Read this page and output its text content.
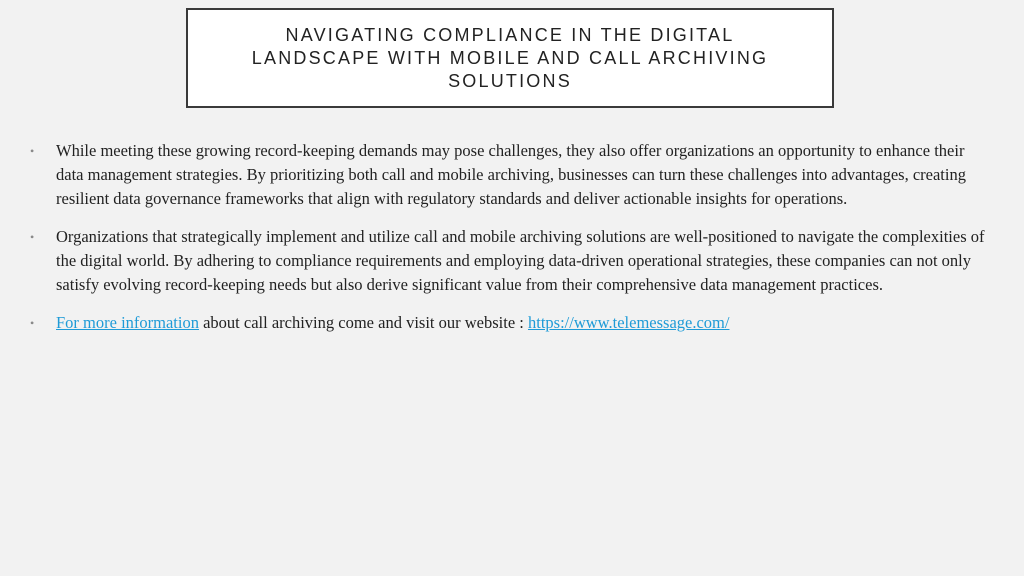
NAVIGATING COMPLIANCE IN THE DIGITAL
LANDSCAPE WITH MOBILE AND CALL ARCHIVING
SOLUTIONS
• While meeting these growing record-keeping demands may pose challenges, they also offer organizations an opportunity to enhance their data management strategies. By prioritizing both call and mobile archiving, businesses can turn these challenges into advantages, creating resilient data governance frameworks that align with regulatory standards and deliver actionable insights for operations.
• Organizations that strategically implement and utilize call and mobile archiving solutions are well-positioned to navigate the complexities of the digital world. By adhering to compliance requirements and employing data-driven operational strategies, these companies can not only satisfy evolving record-keeping needs but also derive significant value from their comprehensive data management practices.
• For more information about call archiving come and visit our website : https://www.telemessage.com/
